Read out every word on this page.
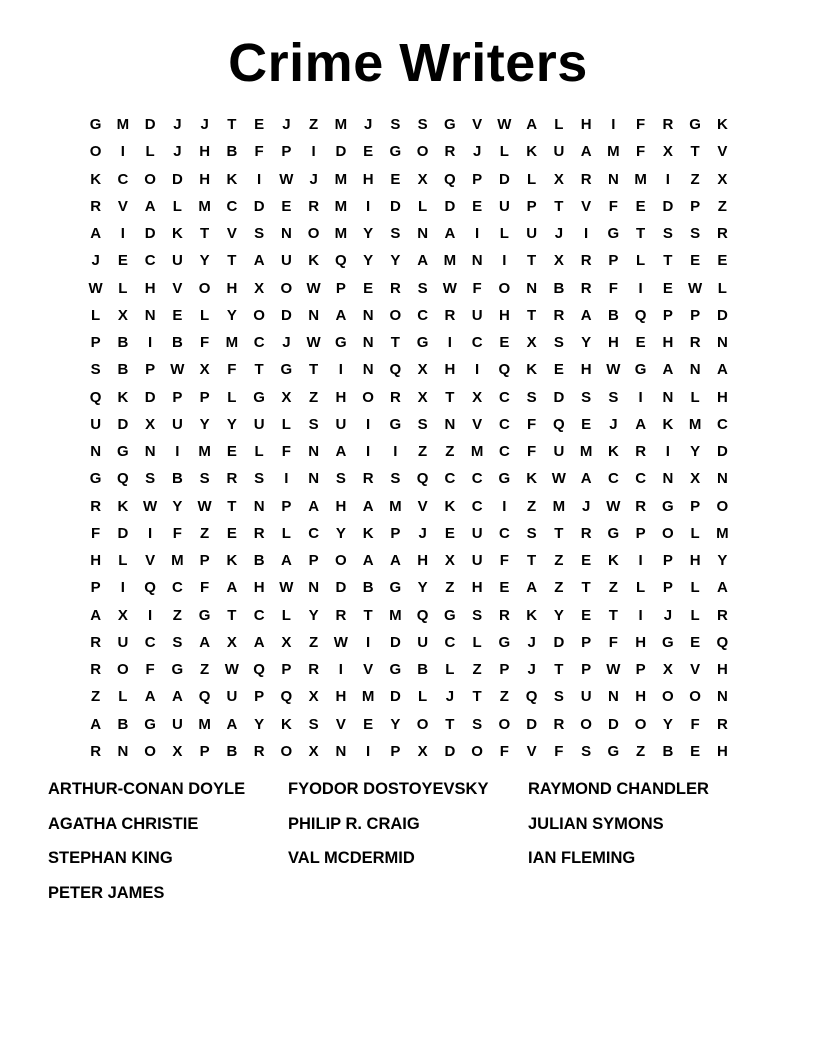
Crime Writers
G	M	D	J	J	T	E	J	Z	M	J	S	S	G	V	W A	L	H	I	F	R	G	K
O	I	L	J	H	B	F	P	I	D	E	G	O	R	J	L	K	U	A	M	F	X	T	V
K	C	O	D	H	K	I	W	J	M	H	E	X	Q	P	D	L	X	R	N	M	I	Z	X
R	V	A	L	M	C	D	E	R	M	I	D	L	D	E	U	P	T	V	F	E	D	P	Z
A	I	D	K	T	V	S	N	O	M	Y	S	N	A	I	L	U	J	I	G	T	S	S	R
J	E	C	U	Y	T	A	U	K	Q	Y	Y	A	M	N	I	T	X	R	P	L	T	E	E
W	L	H	V	O	H	X	O W	P	E	R	S	W	F	O	N	B	R	F	I	E	W	L
L	X	N	E	L	Y	O	D	N	A	N	O	C	R	U	H	T	R	A	B	Q	P	P	D
P	B	I	B	F	M	C	J	W G	N	T	G	I	C	E	X	S	Y	H	E	H	R	N
S	B	P	W	X	F	T	G	T	I	N	Q	X	H	I	Q	K	E	H W G	A	N	A
Q	K	D	P	P	L	G	X	Z	H	O	R	X	T	X	C	S	D	S	S	I	N	L	H
U	D	X	U	Y	Y	U	L	S	U	I	G	S	N	V	C	F	Q	E	J	A	K	M	C
N	G	N	I	M	E	L	F	N	A	I	I	Z	Z	M	C	F	U	M	K	R	I	Y	D
G	Q	S	B	S	R	S	I	N	S	R	S	Q	C	C	G	K W A	C	C	N	X	N
R	K W	Y	W	T	N	P	A	H	A	M	V	K	C	I	Z	M	J	W R	G	P	O
F	D	I	F	Z	E	R	L	C	Y	K	P	J	E	U	C	S	T	R	G	P	O	L	M
H	L	V	M	P	K	B	A	P	O	A	A	H	X	U	F	T	Z	E	K	I	P	H	Y
P	I	Q	C	F	A	H W N	D	B	G	Y	Z	H	E	A	Z	T	Z	L	P	L	A
A	X	I	Z	G	T	C	L	Y	R	T	M	Q	G	S	R	K	Y	E	T	I	J	L	R
R	U	C	S	A	X	A	X	Z	W	I	D	U	C	L	G	J	D	P	F	H	G	E	Q
R	O	F	G	Z	W Q	P	R	I	V	G	B	L	Z	P	J	T	P	W	P	X	V	H
Z	L	A	A	Q	U	P	Q	X	H	M	D	L	J	T	Z	Q	S	U	N	H	O	O	N
A	B	G	U	M	A	Y	K	S	V	E	Y	O	T	S	O	D	R	O	D	O	Y	F	R
R	N	O	X	P	B	R	O	X	N	I	P	X	D	O	F	V	F	S	G	Z	B	E	H
ARTHUR-CONAN DOYLE	FYODOR DOSTOYEVSKY	RAYMOND CHANDLER
AGATHA CHRISTIE	PHILIP R. CRAIG	JULIAN SYMONS
STEPHAN KING	VAL MCDERMID	IAN FLEMING
PETER JAMES
